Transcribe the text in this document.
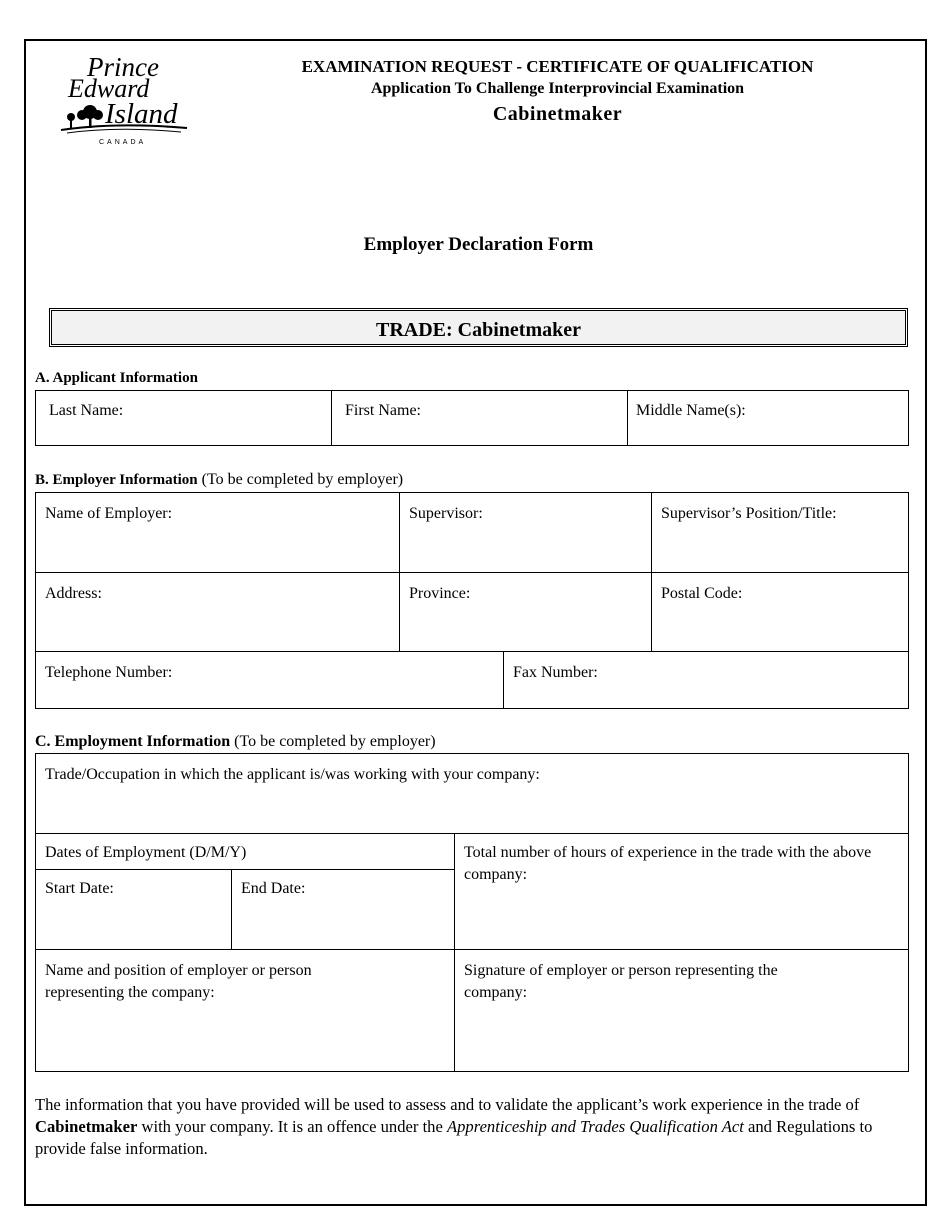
Prince
Edward
Island
CANADA
EXAMINATION REQUEST - CERTIFICATE OF QUALIFICATION
Application To Challenge Interprovincial Examination
Cabinetmaker
Employer Declaration Form
TRADE: Cabinetmaker
A. Applicant Information
Last Name:	First Name:	Middle Name(s):
B. Employer Information (To be completed by employer)
Name of Employer:	Supervisor:		Supervisor’s Position/Title:

Address:	Province:		Postal Code:

Telephone Number:		Fax Number:	
C. Employment Information (To be completed by employer)
Trade/Occupation in which the applicant is/was working with your company:		

Dates of Employment (D/M/Y)		Total number of hours of experience in the trade with the above company:

Start Date:	End Date:	

Name and position of employer or person representing the company:		Signature of employer or person representing the company:
The information that you have provided will be used to assess and to validate the applicant’s work experience in the trade of Cabinetmaker with your company. It is an offence under the Apprenticeship and Trades Qualification Act and Regulations to provide false information.
